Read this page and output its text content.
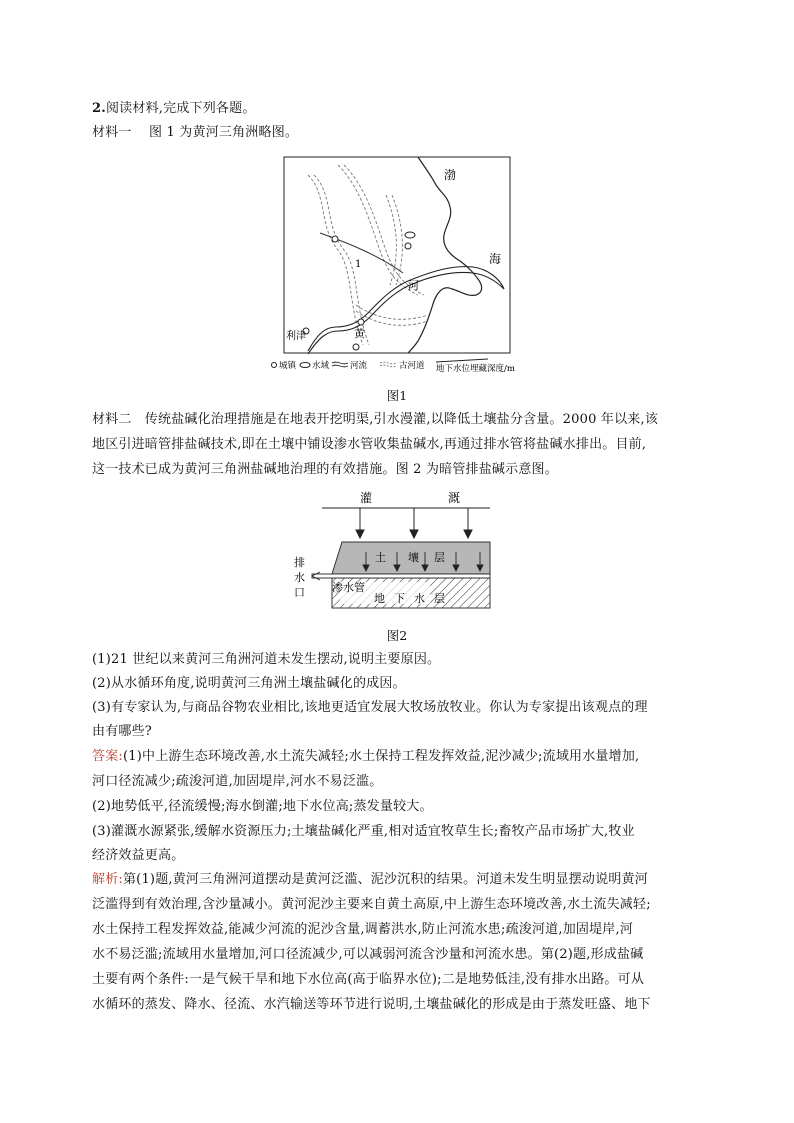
2.阅读材料,完成下列各题。
材料一 图 1 为黄河三角洲略图。
渤
海
河
黄
利津
1
城镇 水域 河流	古河道 地下水位埋藏深度/m
图1
材料二　传统盐碱化治理措施是在地表开挖明渠,引水漫灌,以降低土壤盐分含量。2000 年以来,该
地区引进暗管排盐碱技术,即在土壤中铺设渗水管收集盐碱水,再通过排水管将盐碱水排出。目前,
这一技术已成为黄河三角洲盐碱地治理的有效措施。图 2 为暗管排盐碱示意图。
灌	溉
土 壤 层
渗水管
地 下 水 层
排
水
口
图2
(1)21 世纪以来黄河三角洲河道未发生摆动,说明主要原因。
(2)从水循环角度,说明黄河三角洲土壤盐碱化的成因。
(3)有专家认为,与商品谷物农业相比,该地更适宜发展大牧场放牧业。你认为专家提出该观点的理
由有哪些?
答案:(1)中上游生态环境改善,水土流失减轻;水土保持工程发挥效益,泥沙减少;流域用水量增加,
河口径流减少;疏浚河道,加固堤岸,河水不易泛滥。
(2)地势低平,径流缓慢;海水倒灌;地下水位高;蒸发量较大。
(3)灌溉水源紧张,缓解水资源压力;土壤盐碱化严重,相对适宜牧草生长;畜牧产品市场扩大,牧业
经济效益更高。
解析:第(1)题,黄河三角洲河道摆动是黄河泛滥、泥沙沉积的结果。河道未发生明显摆动说明黄河
泛滥得到有效治理,含沙量减小。黄河泥沙主要来自黄土高原,中上游生态环境改善,水土流失减轻;
水土保持工程发挥效益,能减少河流的泥沙含量,调蓄洪水,防止河流水患;疏浚河道,加固堤岸,河
水不易泛滥;流域用水量增加,河口径流减少,可以减弱河流含沙量和河流水患。第(2)题,形成盐碱
土要有两个条件:一是气候干旱和地下水位高(高于临界水位);二是地势低洼,没有排水出路。可从
水循环的蒸发、降水、径流、水汽输送等环节进行说明,土壤盐碱化的形成是由于蒸发旺盛、地下
